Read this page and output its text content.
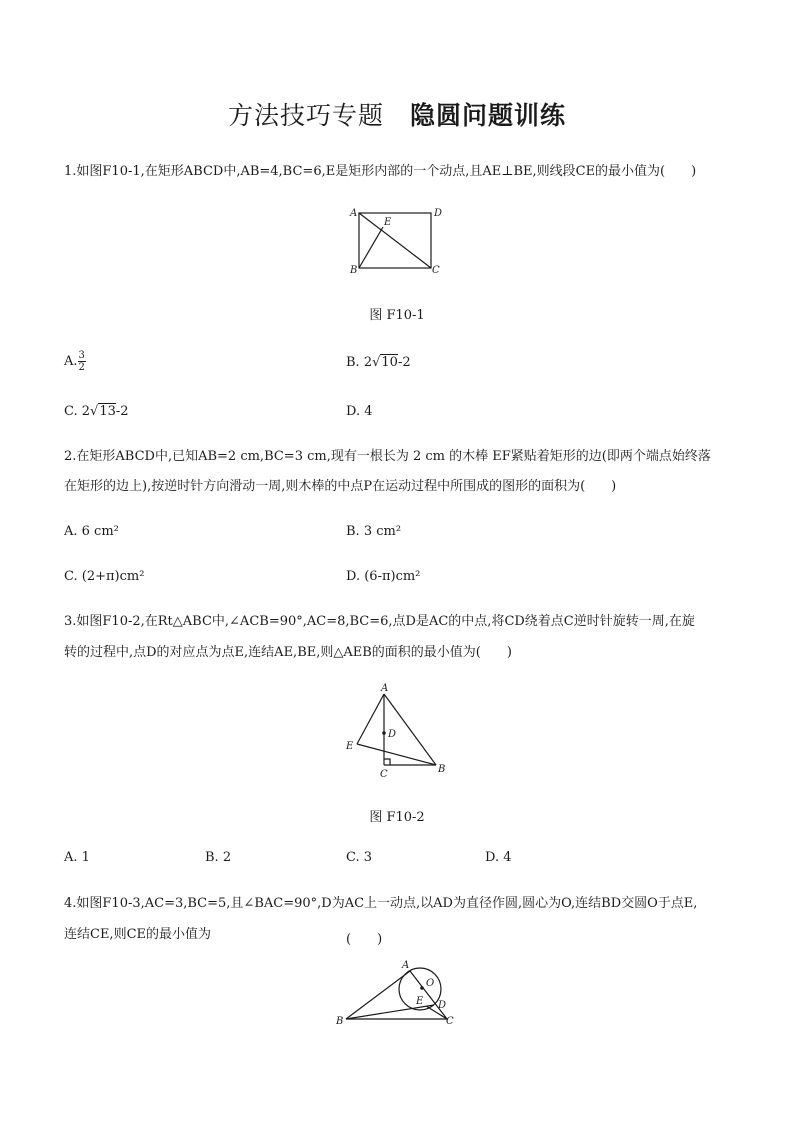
方法技巧专题 隐圆问题训练
1.如图F10-1,在矩形ABCD中,AB=4,BC=6,E是矩形内部的一个动点,且AE⊥BE,则线段CE的最小值为(　　)
A	D
E
B	C
图 F10-1
A. $\frac{3}{2}$	B. 2√10-2
C. 2√13-2	D. 4
2.在矩形ABCD中,已知AB=2 cm,BC=3 cm,现有一根长为 2 cm 的木棒 EF紧贴着矩形的边(即两个端点始终落
在矩形的边上),按逆时针方向滑动一周,则木棒的中点P在运动过程中所围成的图形的面积为(　　)
A. 6 cm²	B. 3 cm²
C. (2+π)cm²	D. (6-π)cm²
3.如图F10-2,在Rt△ABC中,∠ACB=90°,AC=8,BC=6,点D是AC的中点,将CD绕着点C逆时针旋转一周,在旋
转的过程中,点D的对应点为点E,连结AE,BE,则△AEB的面积的最小值为(　　)
A
D
E
C	B
图 F10-2
A. 1	B. 2	C. 3	D. 4
4.如图F10-3,AC=3,BC=5,且∠BAC=90°,D为AC上一动点,以AD为直径作圆,圆心为O,连结BD交圆O于点E,
连结CE,则CE的最小值为	(　　)
A
O
E D
B	C
